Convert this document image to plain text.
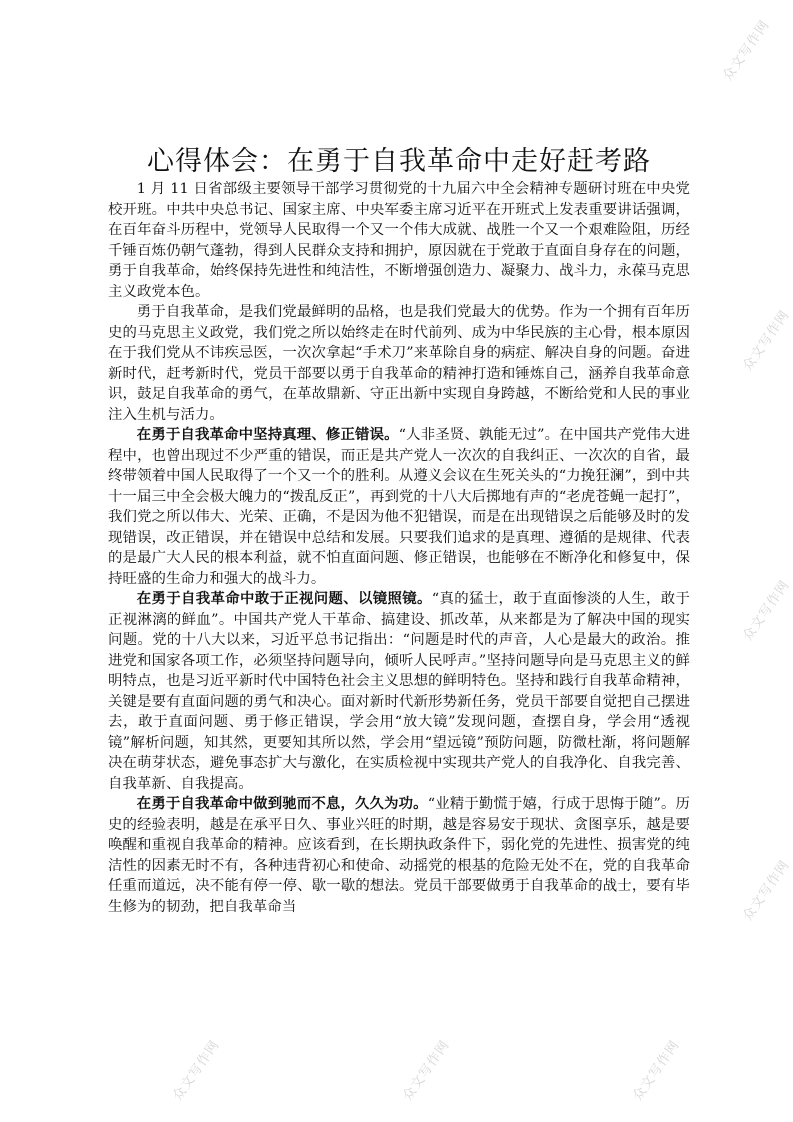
众文写作网
众文写作网
众文写作网
众文写作网
众文写作网	众文写作网	众文写作网
心得体会：在勇于自我革命中走好赶考路

1 月 11 日省部级主要领导干部学习贯彻党的十九届六中全会精神专题研讨班在中央党校开班。中共中央总书记、国家主席、中央军委主席习近平在开班式上发表重要讲话强调，在百年奋斗历程中，党领导人民取得一个又一个伟大成就、战胜一个又一个艰难险阻，历经千锤百炼仍朝气蓬勃，得到人民群众支持和拥护，原因就在于党敢于直面自身存在的问题，勇于自我革命，始终保持先进性和纯洁性，不断增强创造力、凝聚力、战斗力，永葆马克思主义政党本色。

勇于自我革命，是我们党最鲜明的品格，也是我们党最大的优势。作为一个拥有百年历史的马克思主义政党，我们党之所以始终走在时代前列、成为中华民族的主心骨，根本原因在于我们党从不讳疾忌医，一次次拿起“手术刀”来革除自身的病症、解决自身的问题。奋进新时代，赶考新时代，党员干部要以勇于自我革命的精神打造和锤炼自己，涵养自我革命意识，鼓足自我革命的勇气，在革故鼎新、守正出新中实现自身跨越，不断给党和人民的事业注入生机与活力。

在勇于自我革命中坚持真理、修正错误。“人非圣贤、孰能无过”。在中国共产党伟大进程中，也曾出现过不少严重的错误，而正是共产党人一次次的自我纠正、一次次的自省，最终带领着中国人民取得了一个又一个的胜利。从遵义会议在生死关头的“力挽狂澜”，到中共十一届三中全会极大魄力的“拨乱反正”，再到党的十八大后掷地有声的“老虎苍蝇一起打”，我们党之所以伟大、光荣、正确，不是因为他不犯错误，而是在出现错误之后能够及时的发现错误，改正错误，并在错误中总结和发展。只要我们追求的是真理、遵循的是规律、代表的是最广大人民的根本利益，就不怕直面问题、修正错误，也能够在不断净化和修复中，保持旺盛的生命力和强大的战斗力。

在勇于自我革命中敢于正视问题、以镜照镜。“真的猛士，敢于直面惨淡的人生，敢于正视淋漓的鲜血”。中国共产党人干革命、搞建设、抓改革，从来都是为了解决中国的现实问题。党的十八大以来，习近平总书记指出：“问题是时代的声音，人心是最大的政治。推进党和国家各项工作，必须坚持问题导向，倾听人民呼声。”坚持问题导向是马克思主义的鲜明特点，也是习近平新时代中国特色社会主义思想的鲜明特色。坚持和践行自我革命精神，关键是要有直面问题的勇气和决心。面对新时代新形势新任务，党员干部要自觉把自己摆进去，敢于直面问题、勇于修正错误，学会用“放大镜”发现问题，查摆自身，学会用“透视镜”解析问题，知其然，更要知其所以然，学会用“望远镜”预防问题，防微杜渐，将问题解决在萌芽状态，避免事态扩大与激化，在实质检视中实现共产党人的自我净化、自我完善、自我革新、自我提高。

在勇于自我革命中做到驰而不息，久久为功。“业精于勤慌于嬉，行成于思悔于随”。历史的经验表明，越是在承平日久、事业兴旺的时期，越是容易安于现状、贪图享乐，越是要唤醒和重视自我革命的精神。应该看到，在长期执政条件下，弱化党的先进性、损害党的纯洁性的因素无时不有，各种违背初心和使命、动摇党的根基的危险无处不在，党的自我革命任重而道远，决不能有停一停、歇一歇的想法。党员干部要做勇于自我革命的战士，要有毕生修为的韧劲，把自我革命当
